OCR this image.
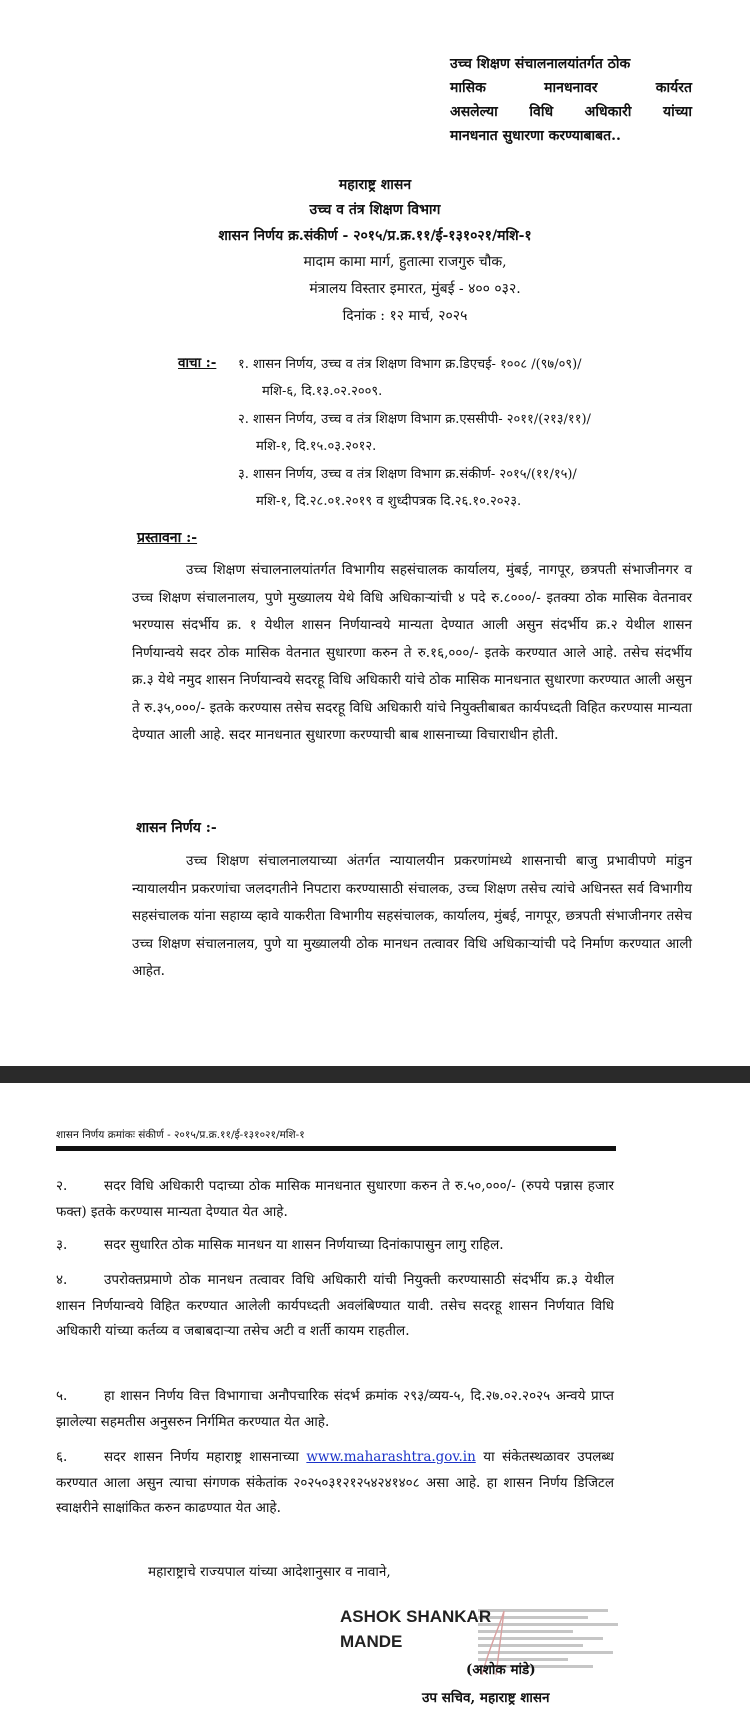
उच्च शिक्षण संचालनालयांतर्गत ठोक
मासिक मानधनावर कार्यरत
असलेल्या विधि अधिकारी यांच्या
मानधनात सुधारणा करण्याबाबत..
महाराष्ट्र शासन
उच्च व तंत्र शिक्षण विभाग
शासन निर्णय क्र.संकीर्ण - २०१५/प्र.क्र.११/ई-१३१०२१/मशि-१
मादाम कामा मार्ग, हुतात्मा राजगुरु चौक,
मंत्रालय विस्तार इमारत, मुंबई - ४०० ०३२.
दिनांक : १२ मार्च, २०२५
वाचा :- १. शासन निर्णय, उच्च व तंत्र शिक्षण विभाग क्र.डिएचई- १००८ /(९७/०९)/
मशि-६, दि.१३.०२.२००९.
२. शासन निर्णय, उच्च व तंत्र शिक्षण विभाग क्र.एससीपी- २०११/(२१३/११)/
मशि-१, दि.१५.०३.२०१२.
३. शासन निर्णय, उच्च व तंत्र शिक्षण विभाग क्र.संकीर्ण- २०१५/(११/१५)/
मशि-१, दि.२८.०१.२०१९ व शुध्दीपत्रक दि.२६.१०.२०२३.
प्रस्तावना :-
उच्च शिक्षण संचालनालयांतर्गत विभागीय सहसंचालक कार्यालय, मुंबई, नागपूर, छत्रपती संभाजीनगर व उच्च शिक्षण संचालनालय, पुणे मुख्यालय येथे विधि अधिकाऱ्यांची ४ पदे रु.८०००/- इतक्या ठोक मासिक वेतनावर भरण्यास संदर्भीय क्र. १ येथील शासन निर्णयान्वये मान्यता देण्यात आली असुन संदर्भीय क्र.२ येथील शासन निर्णयान्वये सदर ठोक मासिक वेतनात सुधारणा करुन ते रु.१६,०००/- इतके करण्यात आले आहे. तसेच संदर्भीय क्र.३ येथे नमुद शासन निर्णयान्वये सदरहू विधि अधिकारी यांचे ठोक मासिक मानधनात सुधारणा करण्यात आली असुन ते रु.३५,०००/- इतके करण्यास तसेच सदरहू विधि अधिकारी यांचे नियुक्तीबाबत कार्यपध्दती विहित करण्यास मान्यता देण्यात आली आहे. सदर मानधनात सुधारणा करण्याची बाब शासनाच्या विचाराधीन होती.
शासन निर्णय :-
उच्च शिक्षण संचालनालयाच्या अंतर्गत न्यायालयीन प्रकरणांमध्ये शासनाची बाजु प्रभावीपणे मांडुन न्यायालयीन प्रकरणांचा जलदगतीने निपटारा करण्यासाठी संचालक, उच्च शिक्षण तसेच त्यांचे अधिनस्त सर्व विभागीय सहसंचालक यांना सहाय्य व्हावे याकरीता विभागीय सहसंचालक, कार्यालय, मुंबई, नागपूर, छत्रपती संभाजीनगर तसेच उच्च शिक्षण संचालनालय, पुणे या मुख्यालयी ठोक मानधन तत्वावर विधि अधिकाऱ्यांची पदे निर्माण करण्यात आली आहेत.
शासन निर्णय क्रमांकः संकीर्ण - २०१५/प्र.क्र.११/ई-१३१०२१/मशि-१
२.	सदर विधि अधिकारी पदाच्या ठोक मासिक मानधनात सुधारणा करुन ते रु.५०,०००/- (रुपये पन्नास हजार फक्त) इतके करण्यास मान्यता देण्यात येत आहे.
३.	सदर सुधारित ठोक मासिक मानधन या शासन निर्णयाच्या दिनांकापासुन लागु राहिल.
४.	उपरोक्तप्रमाणे ठोक मानधन तत्वावर विधि अधिकारी यांची नियुक्ती करण्यासाठी संदर्भीय क्र.३ येथील शासन निर्णयान्वये विहित करण्यात आलेली कार्यपध्दती अवलंबिण्यात यावी. तसेच सदरहू शासन निर्णयात विधि अधिकारी यांच्या कर्तव्य व जबाबदाऱ्या तसेच अटी व शर्ती कायम राहतील.
५.	हा शासन निर्णय वित्त विभागाचा अनौपचारिक संदर्भ क्रमांक २९३/व्यय-५, दि.२७.०२.२०२५ अन्वये प्राप्त झालेल्या सहमतीस अनुसरुन निर्गमित करण्यात येत आहे.
६.	सदर शासन निर्णय महाराष्ट्र शासनाच्या www.maharashtra.gov.in या संकेतस्थळावर उपलब्ध करण्यात आला असुन त्याचा संगणक संकेतांक २०२५०३१२१२५४२४१४०८ असा आहे. हा शासन निर्णय डिजिटल स्वाक्षरीने साक्षांकित करुन काढण्यात येत आहे.
महाराष्ट्राचे राज्यपाल यांच्या आदेशानुसार व नावाने,
ASHOK SHANKAR
MANDE
(अशोक मांडे)
उप सचिव, महाराष्ट्र शासन
